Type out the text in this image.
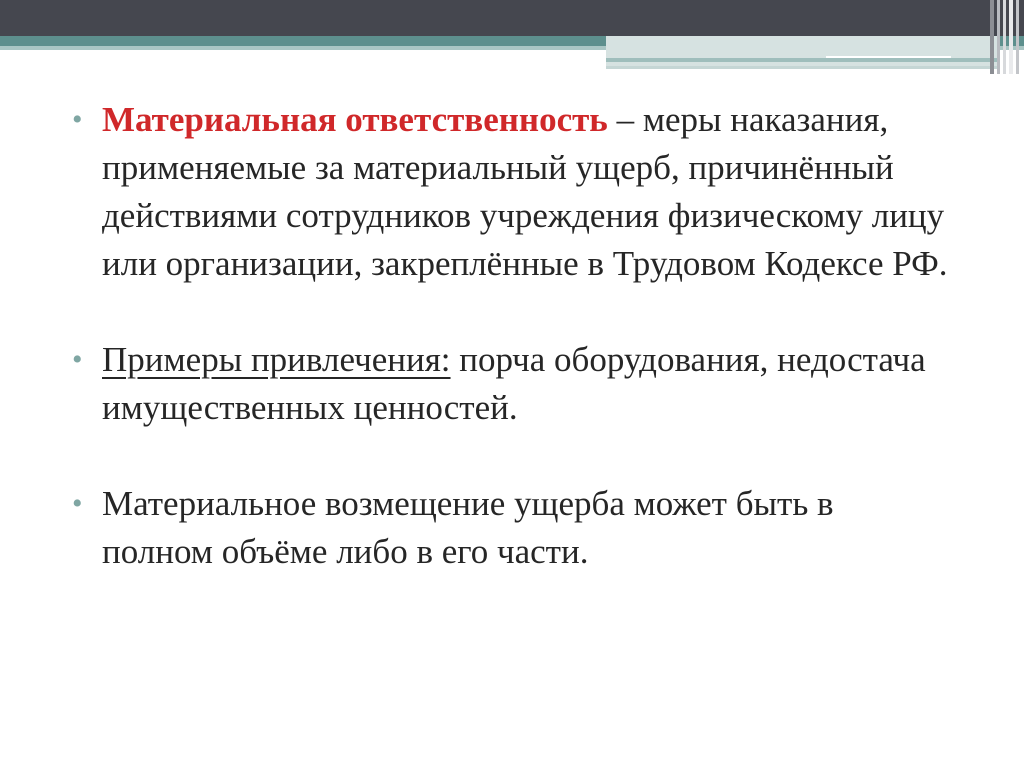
• Материальная ответственность – меры наказания, применяемые за материальный ущерб, причинённый действиями сотрудников учреждения физическому лицу или организации, закреплённые в Трудовом Кодексе РФ.
• Примеры привлечения: порча оборудования, недостача имущественных ценностей.
• Материальное возмещение ущерба может быть в полном объёме либо в его части.
